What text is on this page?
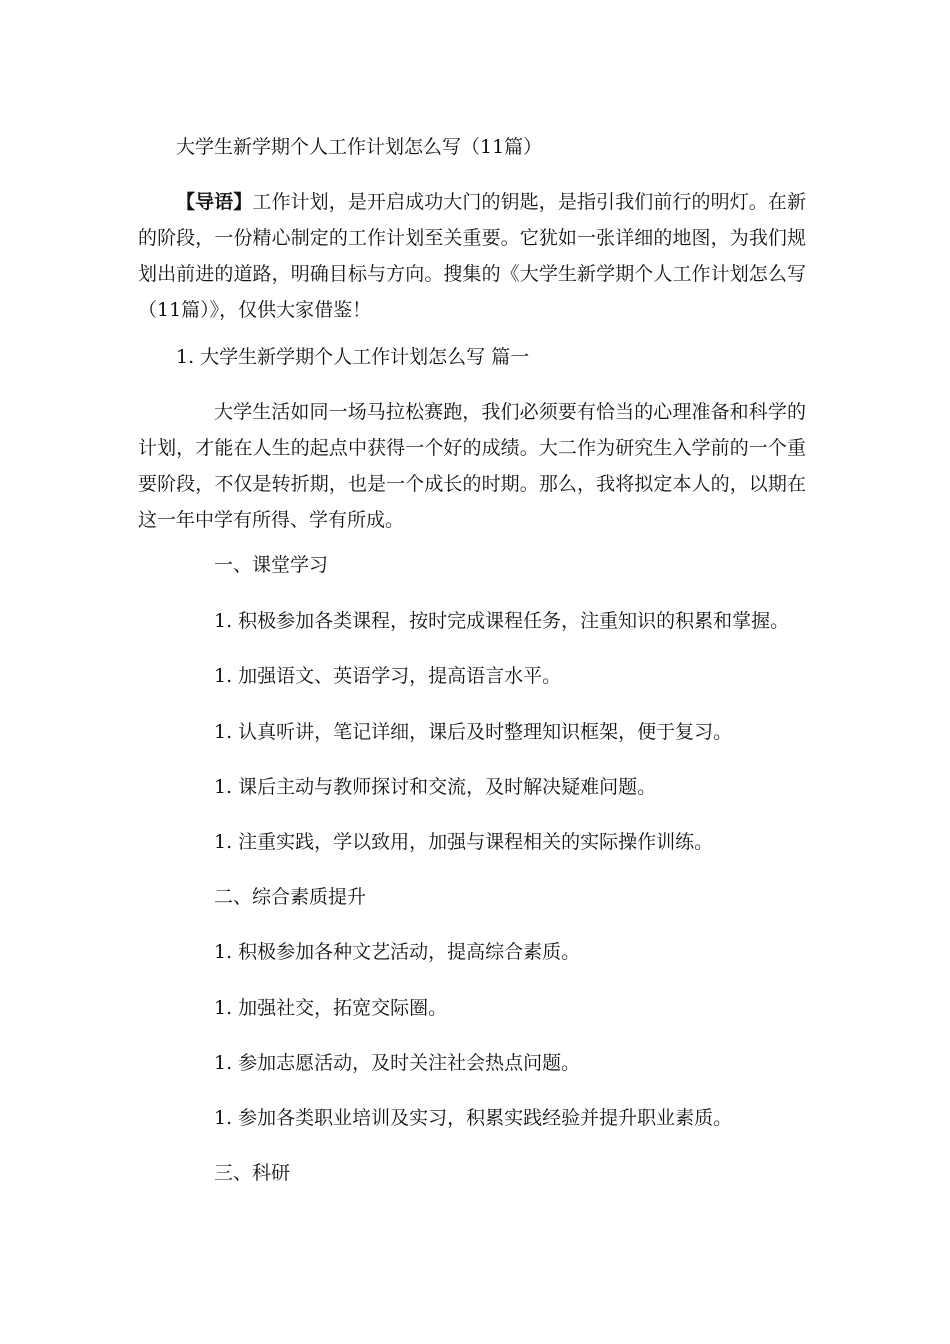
大学生新学期个人工作计划怎么写（11篇）
【导语】工作计划，是开启成功大门的钥匙，是指引我们前行的明灯。在新的阶段，一份精心制定的工作计划至关重要。它犹如一张详细的地图，为我们规划出前进的道路，明确目标与方向。搜集的《大学生新学期个人工作计划怎么写（11篇）》，仅供大家借鉴！
1. 大学生新学期个人工作计划怎么写 篇一
大学生活如同一场马拉松赛跑，我们必须要有恰当的心理准备和科学的计划，才能在人生的起点中获得一个好的成绩。大二作为研究生入学前的一个重要阶段，不仅是转折期，也是一个成长的时期。那么，我将拟定本人的，以期在这一年中学有所得、学有所成。
一、课堂学习
1. 积极参加各类课程，按时完成课程任务，注重知识的积累和掌握。
1. 加强语文、英语学习，提高语言水平。
1. 认真听讲，笔记详细，课后及时整理知识框架，便于复习。
1. 课后主动与教师探讨和交流，及时解决疑难问题。
1. 注重实践，学以致用，加强与课程相关的实际操作训练。
二、综合素质提升
1. 积极参加各种文艺活动，提高综合素质。
1. 加强社交，拓宽交际圈。
1. 参加志愿活动，及时关注社会热点问题。
1. 参加各类职业培训及实习，积累实践经验并提升职业素质。
三、科研
